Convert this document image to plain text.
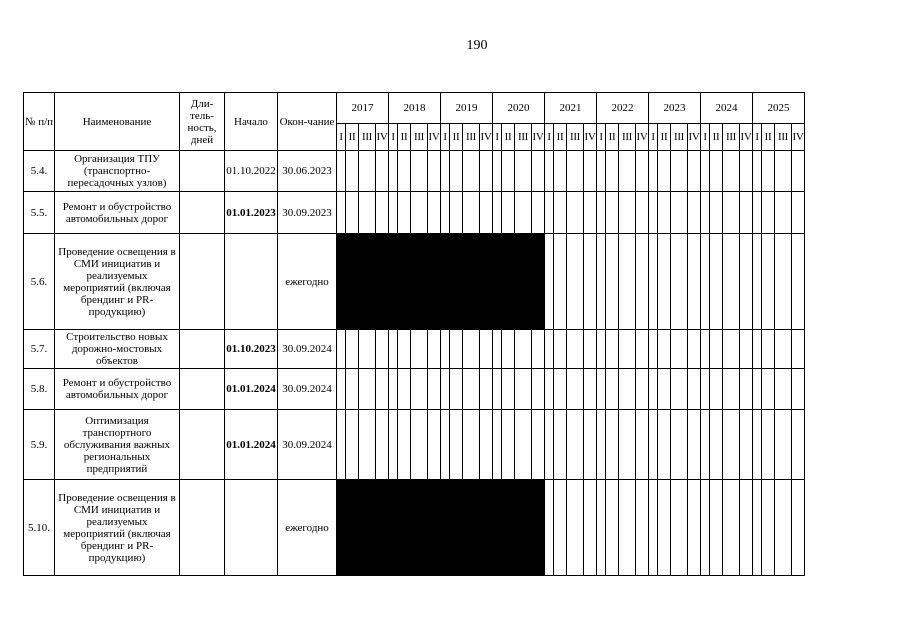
190
№ п/п	Наименование	Дли-тель-ность, дней	Начало	Окон-чание	2017				2018				2019				2020				2021				2022				2023				2024				2025			
					I	II	III	IV	I	II	III	IV	I	II	III	IV	I	II	III	IV	I	II	III	IV	I	II	III	IV	I	II	III	IV	I	II	III	IV	I	II	III	IV
5.4.	Организация ТПУ (транспортно-пересадочных узлов)		01.10.2022	30.06.2023																																				
5.5.	Ремонт и обустройство автомобильных дорог		01.01.2023	30.09.2023																																				
5.6.	Проведение освещения в СМИ инициатив и реализуемых мероприятий (включая брендинг и PR-продукцию)			ежегодно																																				
5.7.	Строительство новых дорожно-мостовых объектов		01.10.2023	30.09.2024																																				
5.8.	Ремонт и обустройство автомобильных дорог		01.01.2024	30.09.2024																																				
5.9.	Оптимизация транспортного обслуживания важных региональных предприятий		01.01.2024	30.09.2024																																				
5.10.	Проведение освещения в СМИ инициатив и реализуемых мероприятий (включая брендинг и PR-продукцию)			ежегодно																																				
